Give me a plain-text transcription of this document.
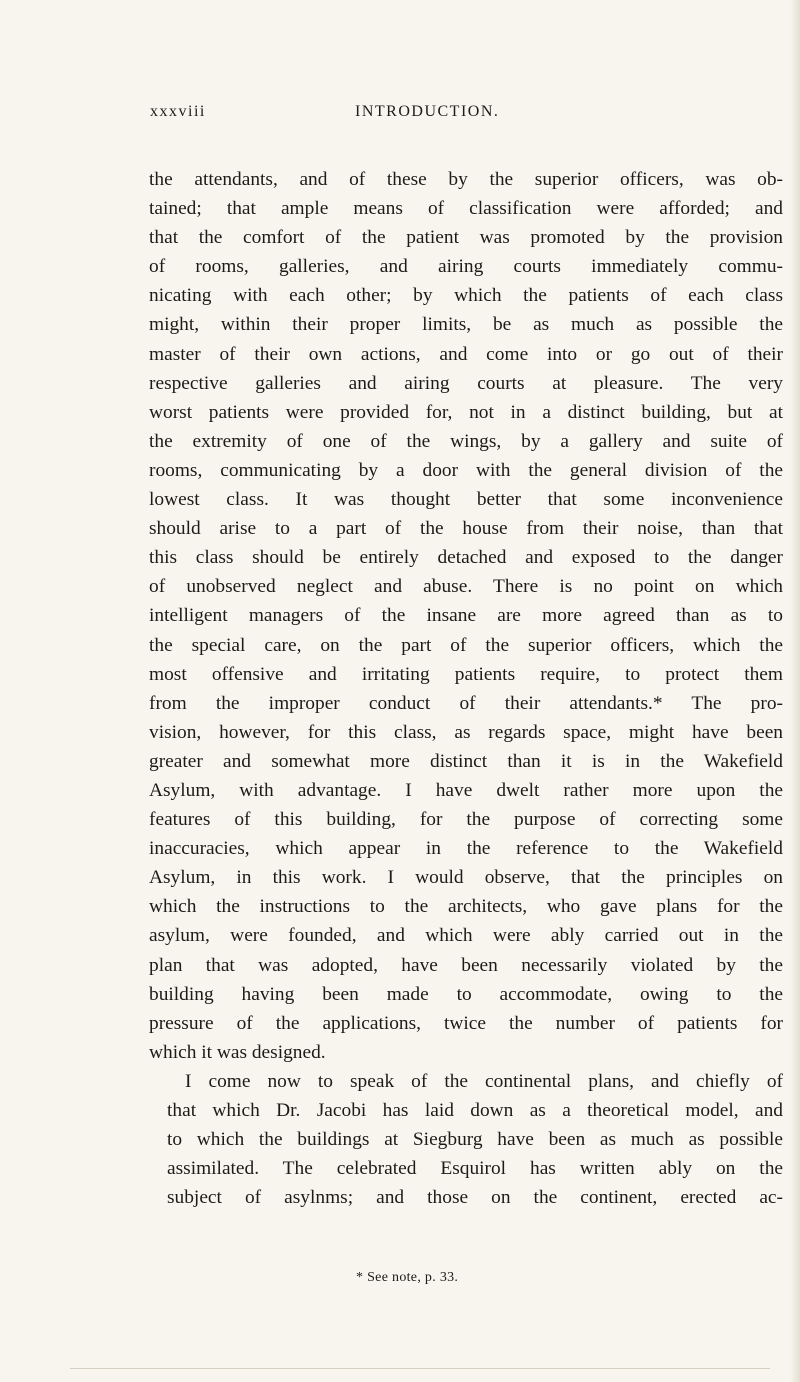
xxxviii	INTRODUCTION.
the attendants, and of these by the superior officers, was ob-
tained; that ample means of classification were afforded; and
that the comfort of the patient was promoted by the provision
of rooms, galleries, and airing courts immediately commu-
nicating with each other; by which the patients of each class
might, within their proper limits, be as much as possible the
master of their own actions, and come into or go out of their
respective galleries and airing courts at pleasure. The very
worst patients were provided for, not in a distinct building, but at
the extremity of one of the wings, by a gallery and suite of
rooms, communicating by a door with the general division of the
lowest class. It was thought better that some inconvenience
should arise to a part of the house from their noise, than that
this class should be entirely detached and exposed to the danger
of unobserved neglect and abuse. There is no point on which
intelligent managers of the insane are more agreed than as to
the special care, on the part of the superior officers, which the
most offensive and irritating patients require, to protect them
from the improper conduct of their attendants.* The pro-
vision, however, for this class, as regards space, might have been
greater and somewhat more distinct than it is in the Wakefield
Asylum, with advantage. I have dwelt rather more upon the
features of this building, for the purpose of correcting some
inaccuracies, which appear in the reference to the Wakefield
Asylum, in this work. I would observe, that the principles on
which the instructions to the architects, who gave plans for the
asylum, were founded, and which were ably carried out in the
plan that was adopted, have been necessarily violated by the
building having been made to accommodate, owing to the
pressure of the applications, twice the number of patients for
which it was designed.
I come now to speak of the continental plans, and chiefly of
that which Dr. Jacobi has laid down as a theoretical model, and
to which the buildings at Siegburg have been as much as possible
assimilated. The celebrated Esquirol has written ably on the
subject of asylnms; and those on the continent, erected ac-
* See note, p. 33.
